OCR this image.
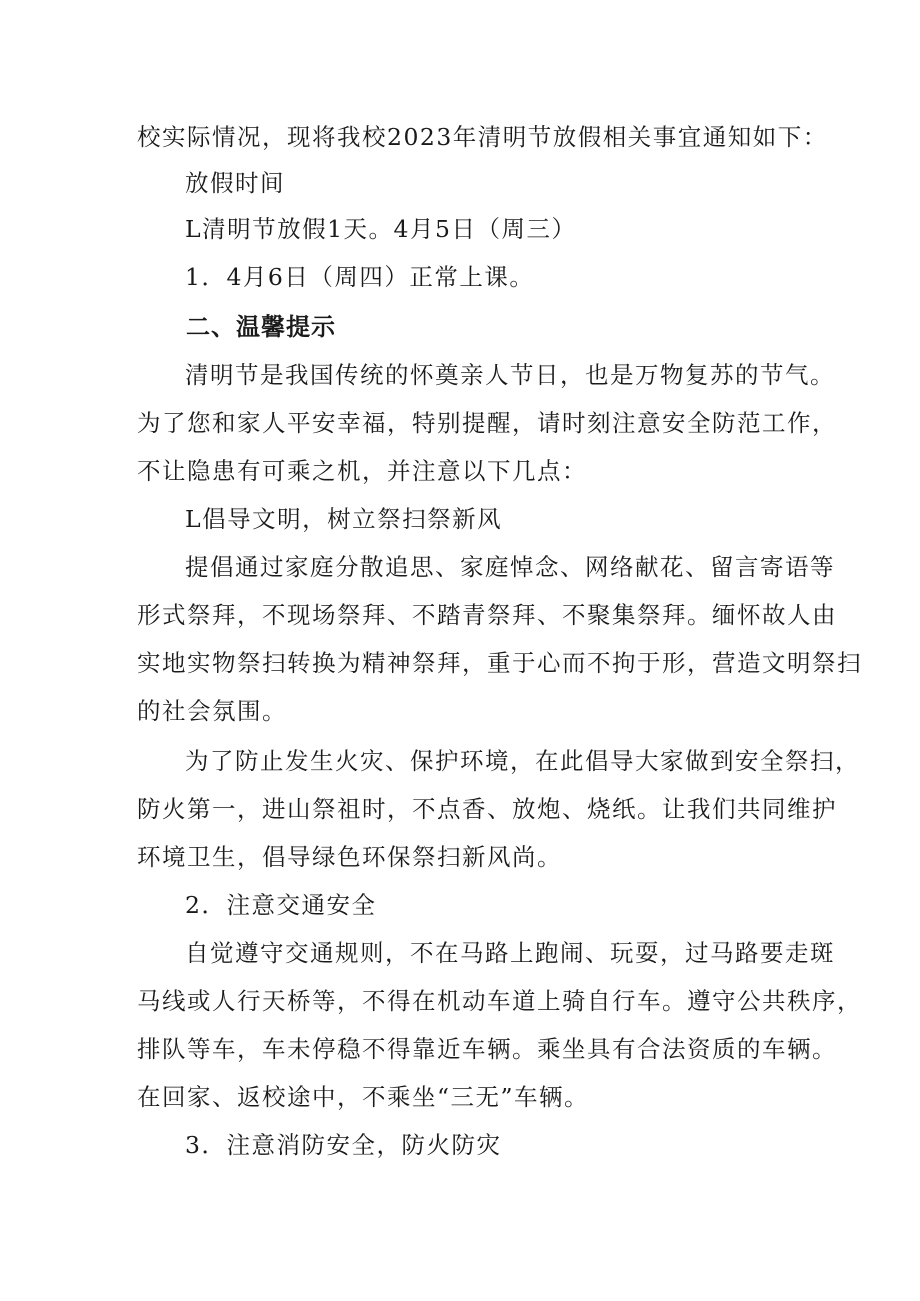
校实际情况，现将我校2023年清明节放假相关事宜通知如下：
放假时间
L清明节放假1天。4月5日（周三）
1．4月6日（周四）正常上课。
二、温馨提示
清明节是我国传统的怀奠亲人节日，也是万物复苏的节气。
为了您和家人平安幸福，特别提醒，请时刻注意安全防范工作，
不让隐患有可乘之机，并注意以下几点：
L倡导文明，树立祭扫祭新风
提倡通过家庭分散追思、家庭悼念、网络献花、留言寄语等
形式祭拜，不现场祭拜、不踏青祭拜、不聚集祭拜。缅怀故人由
实地实物祭扫转换为精神祭拜，重于心而不拘于形，营造文明祭扫
的社会氛围。
为了防止发生火灾、保护环境，在此倡导大家做到安全祭扫，
防火第一，进山祭祖时，不点香、放炮、烧纸。让我们共同维护
环境卫生，倡导绿色环保祭扫新风尚。
2．注意交通安全
自觉遵守交通规则，不在马路上跑闹、玩耍，过马路要走斑
马线或人行天桥等，不得在机动车道上骑自行车。遵守公共秩序，
排队等车，车未停稳不得靠近车辆。乘坐具有合法资质的车辆。
在回家、返校途中，不乘坐“三无”车辆。
3．注意消防安全，防火防灾
